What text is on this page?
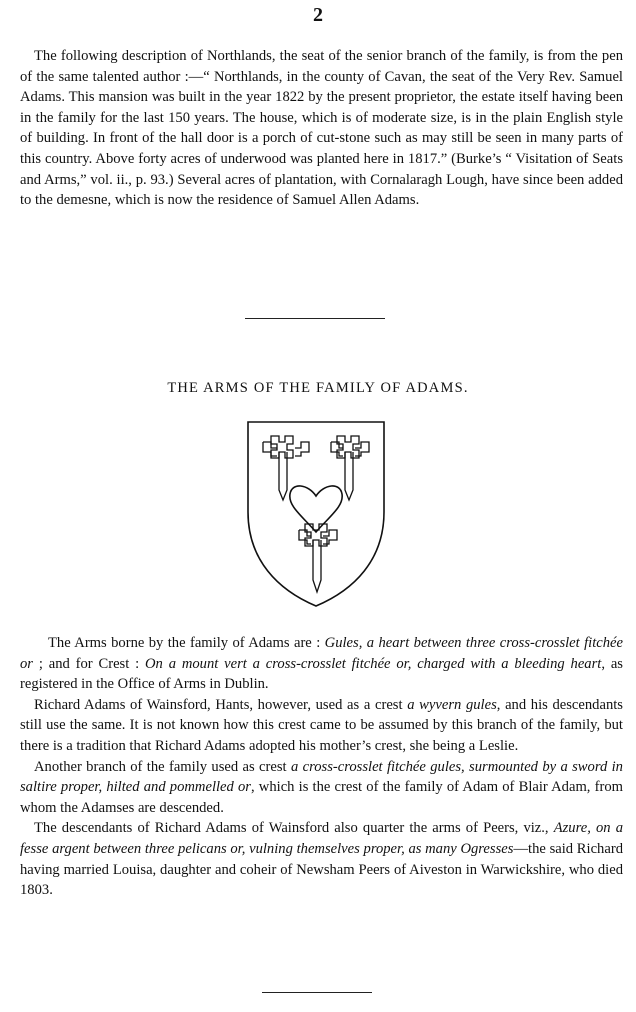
2

The following description of Northlands, the seat of the senior branch of the family, is from the pen of the same talented author :—“ Northlands, in the county of Cavan, the seat of the Very Rev. Samuel Adams. This mansion was built in the year 1822 by the present proprietor, the estate itself having been in the family for the last 150 years. The house, which is of moderate size, is in the plain English style of building. In front of the hall door is a porch of cut-stone such as may still be seen in many parts of this country. Above forty acres of underwood was planted here in 1817.” (Burke’s “ Visitation of Seats and Arms,” vol. ii., p. 93.) Several acres of plantation, with Cornalaragh Lough, have since been added to the demesne, which is now the residence of Samuel Allen Adams.

THE ARMS OF THE FAMILY OF ADAMS.

The Arms borne by the family of Adams are : Gules, a heart between three cross-crosslet fitchée or ; and for Crest : On a mount vert a cross-crosslet fitchée or, charged with a bleeding heart, as registered in the Office of Arms in Dublin.

Richard Adams of Wainsford, Hants, however, used as a crest a wyvern gules, and his descendants still use the same. It is not known how this crest came to be assumed by this branch of the family, but there is a tradition that Richard Adams adopted his mother’s crest, she being a Leslie.

Another branch of the family used as crest a cross-crosslet fitchée gules, surmounted by a sword in saltire proper, hilted and pommelled or, which is the crest of the family of Adam of Blair Adam, from whom the Adamses are descended.

The descendants of Richard Adams of Wainsford also quarter the arms of Peers, viz., Azure, on a fesse argent between three pelicans or, vulning themselves proper, as many Ogresses—the said Richard having married Louisa, daughter and coheir of Newsham Peers of Aiveston in Warwickshire, who died 1803.
